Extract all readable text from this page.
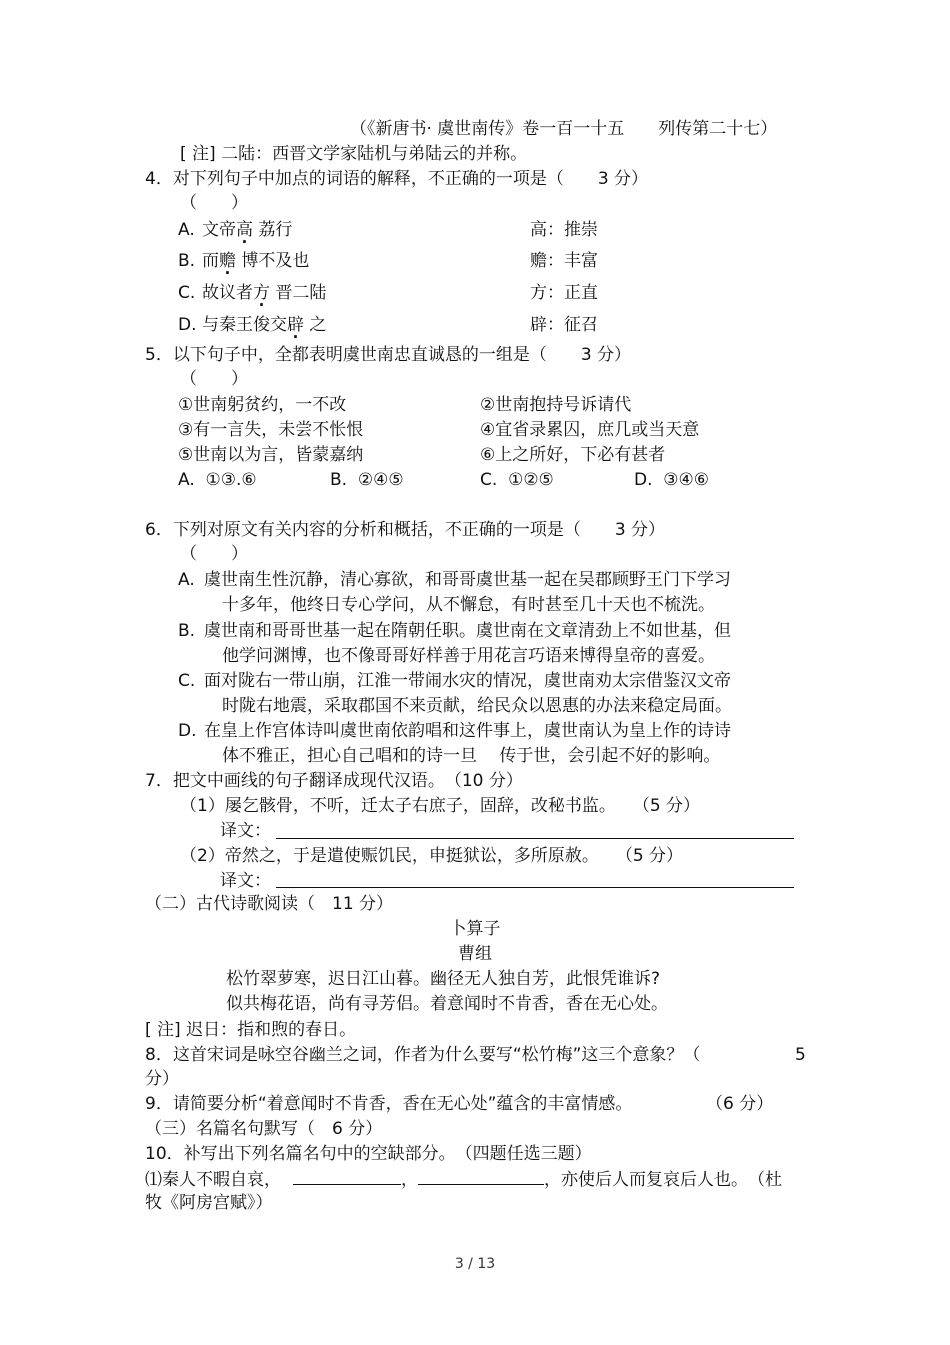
（《新唐书· 虞世南传》卷一百一十五　　列传第二十七）
[ 注] 二陆：西晋文学家陆机与弟陆云的并称。
4．对下列句子中加点的词语的解释，不正确的一项是（　　3 分）
（　　）
A. 文帝高 荔行	高：推崇
B. 而赡 博不及也	赡：丰富
C. 故议者方 晋二陆	方：正直
D. 与秦王俊交辟 之	辟：征召
5．以下句子中，全都表明虞世南忠直诚恳的一组是（　　3 分）
（　　）
①世南躬贫约，一不改	②世南抱持号诉请代
③有一言失，未尝不怅恨	④宜省录累囚，庶几或当天意
⑤世南以为言，皆蒙嘉纳	⑥上之所好，下必有甚者
A.  ①③.⑥	B.  ②④⑤	C.  ①②⑤	D.  ③④⑥
6．下列对原文有关内容的分析和概括，不正确的一项是（　　3 分）
（　　）
A. 虞世南生性沉静，清心寡欲，和哥哥虞世基一起在吴郡顾野王门下学习
十多年，他终日专心学问，从不懈怠，有时甚至几十天也不梳洗。
B. 虞世南和哥哥世基一起在隋朝任职。虞世南在文章清劲上不如世基，但
他学问渊博，也不像哥哥好样善于用花言巧语来博得皇帝的喜爱。
C. 面对陇右一带山崩，江淮一带闹水灾的情况，虞世南劝太宗借鉴汉文帝
时陇右地震，采取郡国不来贡献，给民众以恩惠的办法来稳定局面。
D. 在皇上作宫体诗叫虞世南依韵唱和这件事上，虞世南认为皇上作的诗诗
体不雅正，担心自己唱和的诗一旦　 传于世，会引起不好的影响。
7．把文中画线的句子翻译成现代汉语。　（10 分）
（1）屡乞骸骨，不听，迁太子右庶子，固辞，改秘书监。　　（5 分）
译文：
（2）帝然之，于是遣使赈饥民，申挺狱讼，多所原赦。　　（5 分）
译文：
（二）古代诗歌阅读（　11 分）
卜算子
曹组
松竹翠萝寒，迟日江山暮。幽径无人独自芳，此恨凭谁诉?
似共梅花语，尚有寻芳侣。着意闻时不肯香，香在无心处。
[ 注] 迟日：指和煦的春日。
8．这首宋词是咏空谷幽兰之词，作者为什么要写“松竹梅”这三个意象？（	5
分）
9．请简要分析“着意闻时不肯香，香在无心处”蕴含的丰富情感。	（6 分）
（三）名篇名句默写（　6 分）
10．补写出下列名篇名句中的空缺部分。　（四题任选三题）
⑴秦人不暇自哀，	，	，亦使后人而复哀后人也。　（杜
牧《阿房宫赋》）
3 / 13
